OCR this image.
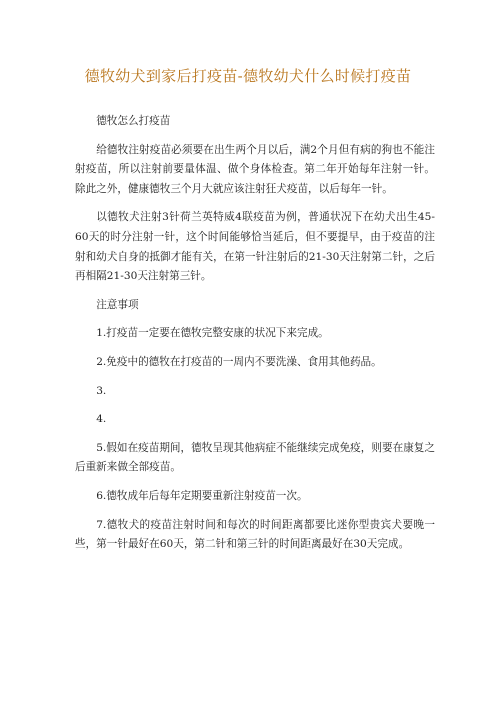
德牧幼犬到家后打疫苗-德牧幼犬什么时候打疫苗
德牧怎么打疫苗
给德牧注射疫苗必须要在出生两个月以后，满2个月但有病的狗也不能注射疫苗，所以注射前要量体温、做个身体检查。第二年开始每年注射一针。除此之外，健康德牧三个月大就应该注射狂犬疫苗，以后每年一针。
以德牧犬注射3针荷兰英特威4联疫苗为例，普通状况下在幼犬出生45-60天的时分注射一针，这个时间能够恰当延后，但不要提早，由于疫苗的注射和幼犬自身的抵御才能有关，在第一针注射后的21-30天注射第二针，之后再相隔21-30天注射第三针。
注意事项
1.打疫苗一定要在德牧完整安康的状况下来完成。
2.免疫中的德牧在打疫苗的一周内不要洗澡、食用其他药品。
3.
4.
5.假如在疫苗期间，德牧呈现其他病症不能继续完成免疫，则要在康复之后重新来做全部疫苗。
6.德牧成年后每年定期要重新注射疫苗一次。
7.德牧犬的疫苗注射时间和每次的时间距离都要比迷你型贵宾犬要晚一些，第一针最好在60天，第二针和第三针的时间距离最好在30天完成。
